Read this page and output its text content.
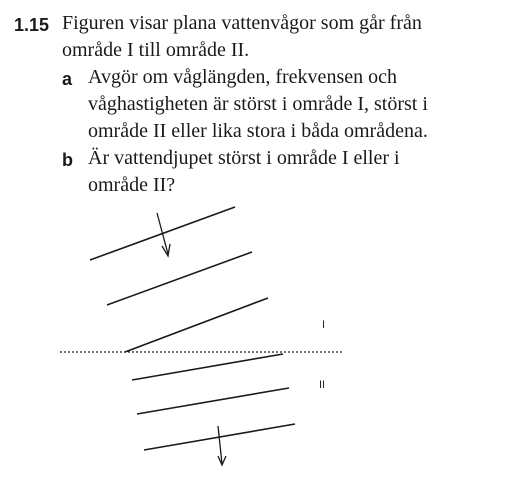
1.15 Figuren visar plana vattenvågor som går från
område I till område II.
a Avgör om våglängden, frekvensen och
våghastigheten är störst i område I, störst i
område II eller lika stora i båda områdena.
b Är vattendjupet störst i område I eller i
område II?
I
II
